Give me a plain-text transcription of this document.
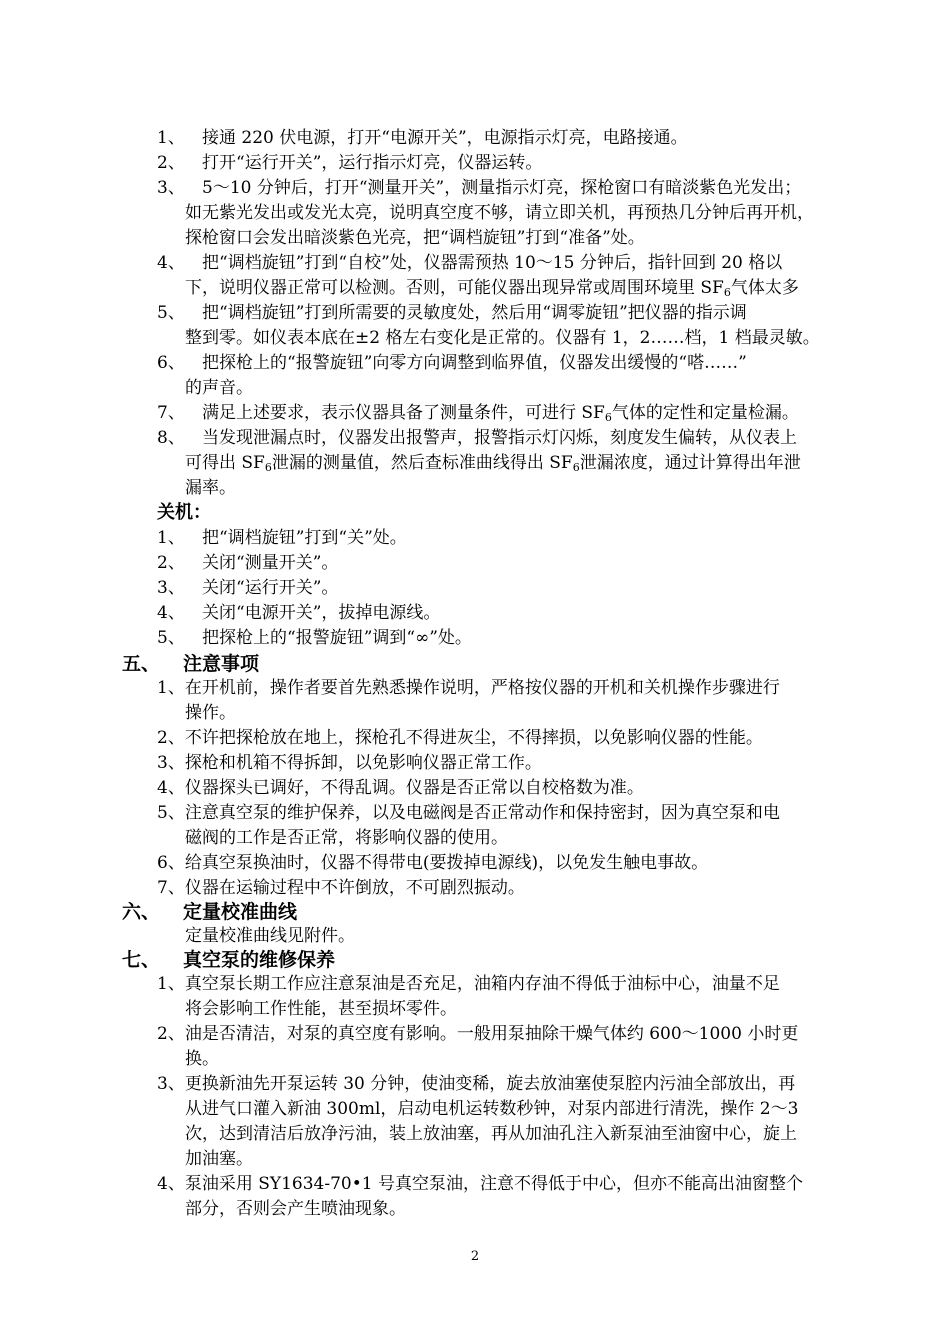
1、 接通 220 伏电源，打开“电源开关”，电源指示灯亮，电路接通。
2、 打开“运行开关”，运行指示灯亮，仪器运转。
3、 5～10 分钟后，打开“测量开关”，测量指示灯亮，探枪窗口有暗淡紫色光发出；
如无紫光发出或发光太亮，说明真空度不够，请立即关机，再预热几分钟后再开机，
探枪窗口会发出暗淡紫色光亮，把“调档旋钮”打到“准备”处。
4、 把“调档旋钮”打到“自校”处，仪器需预热 10～15 分钟后，指针回到 20 格以
下，说明仪器正常可以检测。否则，可能仪器出现异常或周围环境里 $SF_6$气体太多
5、 把“调档旋钮”打到所需要的灵敏度处，然后用“调零旋钮”把仪器的指示调
整到零。如仪表本底在±2 格左右变化是正常的。仪器有 1，2……档，1 档最灵敏。
6、 把探枪上的“报警旋钮”向零方向调整到临界值，仪器发出缓慢的“嗒……”
的声音。
7、 满足上述要求，表示仪器具备了测量条件，可进行 $SF_6$气体的定性和定量检漏。
8、 当发现泄漏点时，仪器发出报警声，报警指示灯闪烁，刻度发生偏转，从仪表上
可得出 $SF_6$泄漏的测量值，然后查标准曲线得出 $SF_6$泄漏浓度，通过计算得出年泄
漏率。
关机：
1、 把“调档旋钮”打到“关”处。
2、 关闭“测量开关”。
3、 关闭“运行开关”。
4、 关闭“电源开关”，拔掉电源线。
5、 把探枪上的“报警旋钮”调到“∞”处。
五、 注意事项
1、在开机前，操作者要首先熟悉操作说明，严格按仪器的开机和关机操作步骤进行
操作。
2、不许把探枪放在地上，探枪孔不得进灰尘，不得摔损，以免影响仪器的性能。
3、探枪和机箱不得拆卸，以免影响仪器正常工作。
4、仪器探头已调好，不得乱调。仪器是否正常以自校格数为准。
5、注意真空泵的维护保养，以及电磁阀是否正常动作和保持密封，因为真空泵和电
磁阀的工作是否正常，将影响仪器的使用。
6、给真空泵换油时，仪器不得带电(要拨掉电源线)，以免发生触电事故。
7、仪器在运输过程中不许倒放，不可剧烈振动。
六、 定量校准曲线
定量校准曲线见附件。
七、 真空泵的维修保养
1、真空泵长期工作应注意泵油是否充足，油箱内存油不得低于油标中心，油量不足
将会影响工作性能，甚至损坏零件。
2、油是否清洁，对泵的真空度有影响。一般用泵抽除干燥气体约 600～1000 小时更
换。
3、更换新油先开泵运转 30 分钟，使油变稀，旋去放油塞使泵腔内污油全部放出，再
从进气口灌入新油 300ml，启动电机运转数秒钟，对泵内部进行清洗，操作 2～3
次，达到清洁后放净污油，装上放油塞，再从加油孔注入新泵油至油窗中心，旋上
加油塞。
4、泵油采用 SY1634-70•1 号真空泵油，注意不得低于中心，但亦不能高出油窗整个
部分，否则会产生喷油现象。
2
